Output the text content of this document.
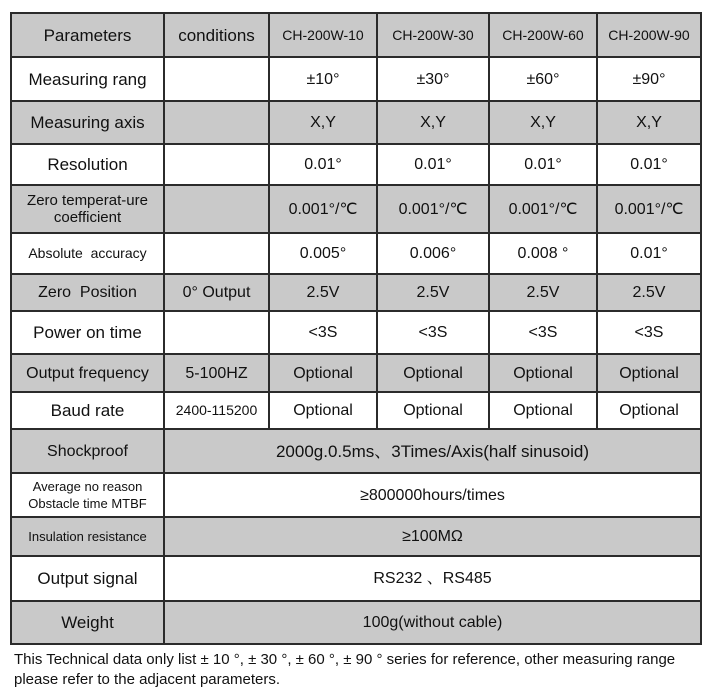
Parameters	conditions	CH-200W-10	CH-200W-30	CH-200W-60	CH-200W-90
Measuring rang		±10°	±30°	±60°	±90°
Measuring axis		X,Y	X,Y	X,Y	X,Y
Resolution		0.01°	0.01°	0.01°	0.01°
Zero temperat-ure coefficient		0.001°/℃	0.001°/℃	0.001°/℃	0.001°/℃
Absolute  accuracy		0.005°	0.006°	0.008 °	0.01°
Zero  Position	0° Output	2.5V	2.5V	2.5V	2.5V
Power on time		<3S	<3S	<3S	<3S
Output frequency	5-100HZ	Optional	Optional	Optional	Optional
Baud rate	2400-115200	Optional	Optional	Optional	Optional
Shockproof	2000g.0.5ms、3Times/Axis(half sinusoid)				
Average no reason Obstacle time MTBF	≥800000hours/times				
Insulation resistance	≥100MΩ				
Output signal	RS232 、RS485				
Weight	100g(without cable)				
This Technical data only list ± 10 °, ± 30 °, ± 60 °, ± 90 ° series for reference, other measuring range please refer to the adjacent parameters.
